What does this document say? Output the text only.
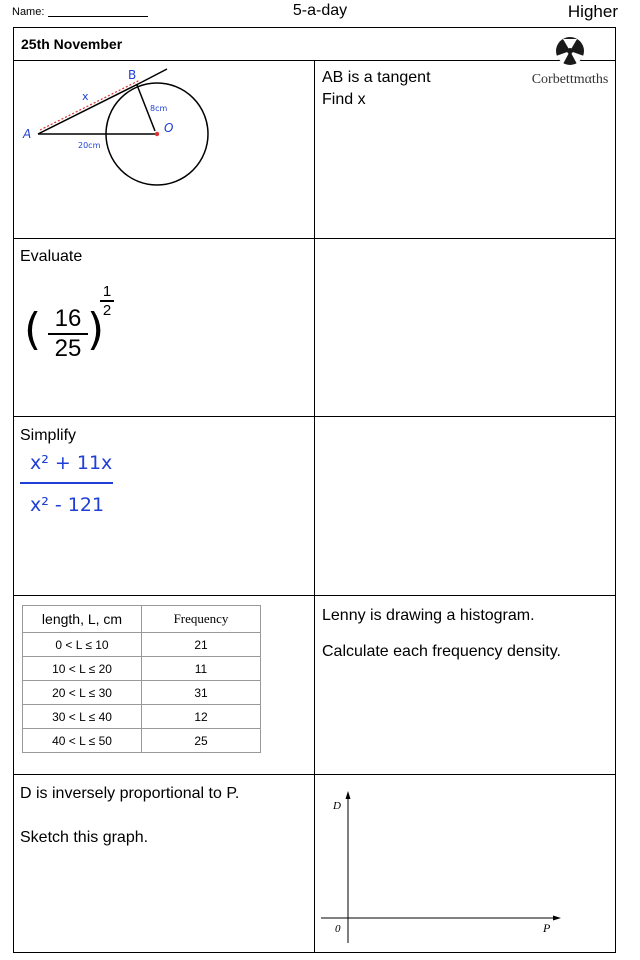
Name:	5-a-day	Higher
25th November
Corbettmαths
A
B
O
x
8cm
20cm
AB is a tangent
Find x
Evaluate
( 16
25 )
1
2
Simplify
x² + 11x
x² - 121
length, L, cm	Frequency
0 < L ≤ 10	21
10 < L ≤ 20	11
20 < L ≤ 30	31
30 < L ≤ 40	12
40 < L ≤ 50	25
Lenny is drawing a histogram.
Calculate each frequency density.
D is inversely proportional to P.
Sketch this graph.
D
P
0
